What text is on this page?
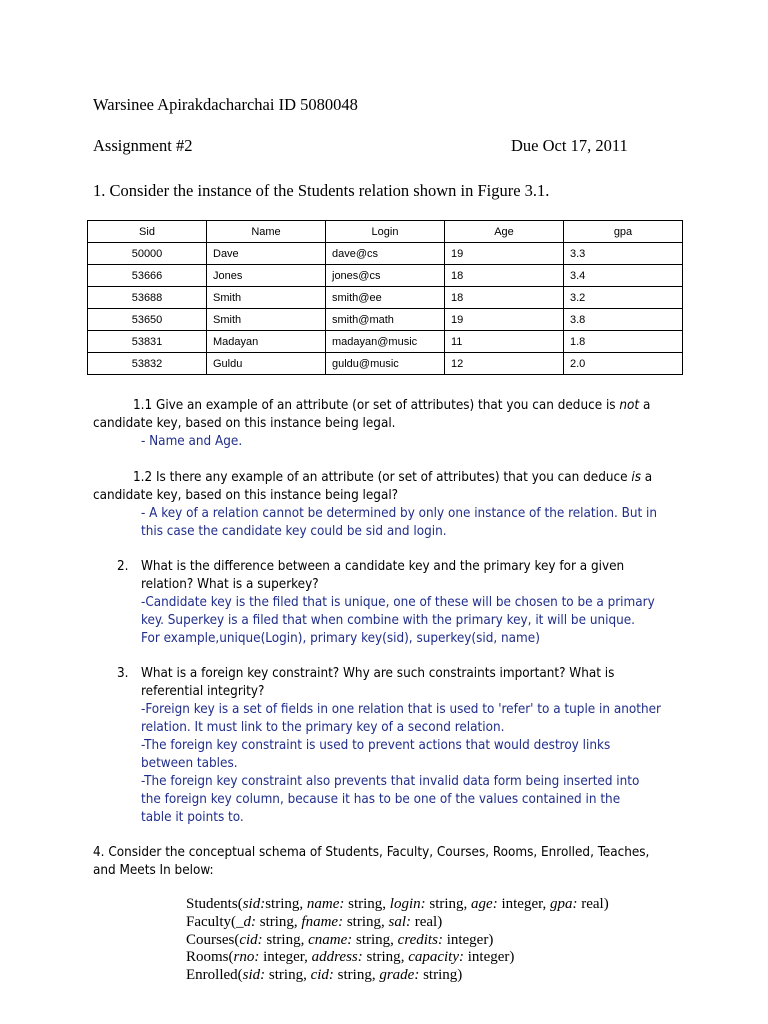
Warsinee Apirakdacharchai ID 5080048
Assignment #2	Due Oct 17, 2011
1. Consider the instance of the Students relation shown in Figure 3.1.
Sid	Name	Login	Age	gpa
50000	Dave	dave@cs	19	3.3
53666	Jones	jones@cs	18	3.4
53688	Smith	smith@ee	18	3.2
53650	Smith	smith@math	19	3.8
53831	Madayan	madayan@music	11	1.8
53832	Guldu	guldu@music	12	2.0
1.1 Give an example of an attribute (or set of attributes) that you can deduce is not a
candidate key, based on this instance being legal.
- Name and Age.
1.2 Is there any example of an attribute (or set of attributes) that you can deduce is a
candidate key, based on this instance being legal?
- A key of a relation cannot be determined by only one instance of the relation. But in
this case the candidate key could be sid and login.
2. What is the difference between a candidate key and the primary key for a given
relation? What is a superkey?
-Candidate key is the filed that is unique, one of these will be chosen to be a primary
key. Superkey is a filed that when combine with the primary key, it will be unique.
For example,unique(Login), primary key(sid), superkey(sid, name)
3. What is a foreign key constraint? Why are such constraints important? What is
referential integrity?
-Foreign key is a set of fields in one relation that is used to 'refer' to a tuple in another
relation. It must link to the primary key of a second relation.
-The foreign key constraint is used to prevent actions that would destroy links
between tables.
-The foreign key constraint also prevents that invalid data form being inserted into
the foreign key column, because it has to be one of the values contained in the
table it points to.
4. Consider the conceptual schema of Students, Faculty, Courses, Rooms, Enrolled, Teaches,
and Meets In below:
Students(sid:string, name: string, login: string, age: integer, gpa: real)
Faculty(_d: string, fname: string, sal: real)
Courses(cid: string, cname: string, credits: integer)
Rooms(rno: integer, address: string, capacity: integer)
Enrolled(sid: string, cid: string, grade: string)
